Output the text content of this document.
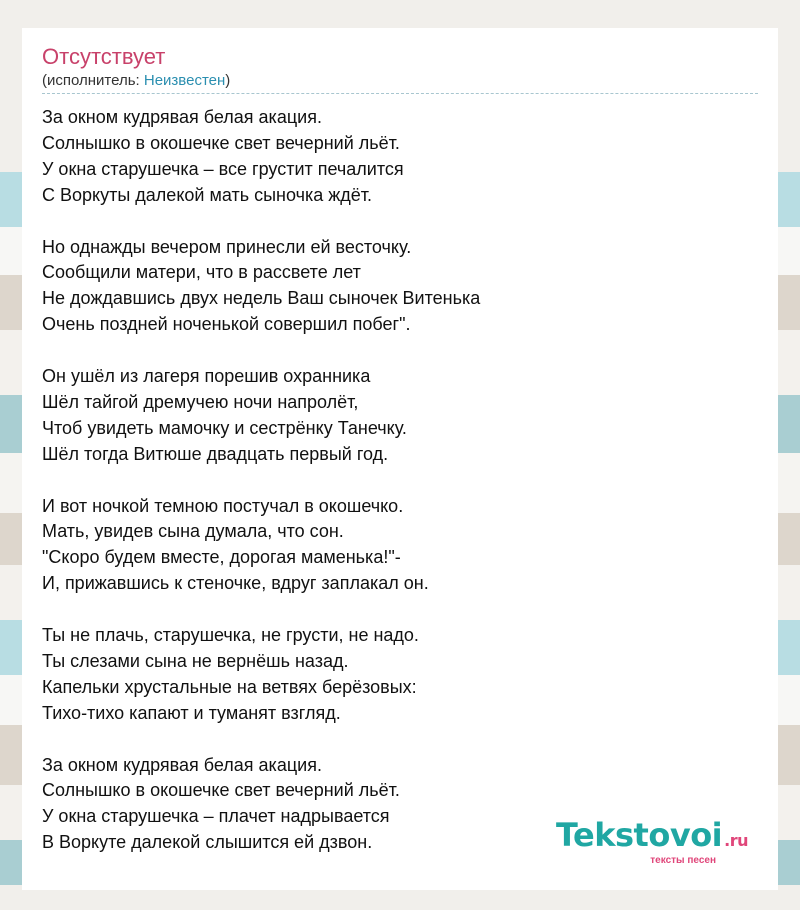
Отсутствует
(исполнитель: Неизвестен)
За окном кудрявая белая акация.
Солнышко в окошечке свет вечерний льёт.
У окна старушечка – все грустит печалится
С Воркуты далекой мать сыночка ждёт.
Но однажды вечером принесли ей весточку.
Сообщили матери, что в рассвете лет
Не дождавшись двух недель Ваш сыночек Витенька
Очень поздней ноченькой совершил побег".
Он ушёл из лагеря порешив охранника
Шёл тайгой дремучею ночи напролёт,
Чтоб увидеть мамочку и сестрёнку Танечку.
Шёл тогда Витюше двадцать первый год.
И вот ночкой темною постучал в окошечко.
Мать, увидев сына думала, что сон.
"Скоро будем вместе, дорогая маменька!"-
И, прижавшись к стеночке, вдруг заплакал он.
Ты не плачь, старушечка, не грусти, не надо.
Ты слезами сына не вернёшь назад.
Капельки хрустальные на ветвях берёзовых:
Тихо-тихо капают и туманят взгляд.
За окном кудрявая белая акация.
Солнышко в окошечке свет вечерний льёт.
У окна старушечка – плачет надрывается
В Воркуте далекой слышится ей дзвон.	Tekstovoi .ru
тексты песен
